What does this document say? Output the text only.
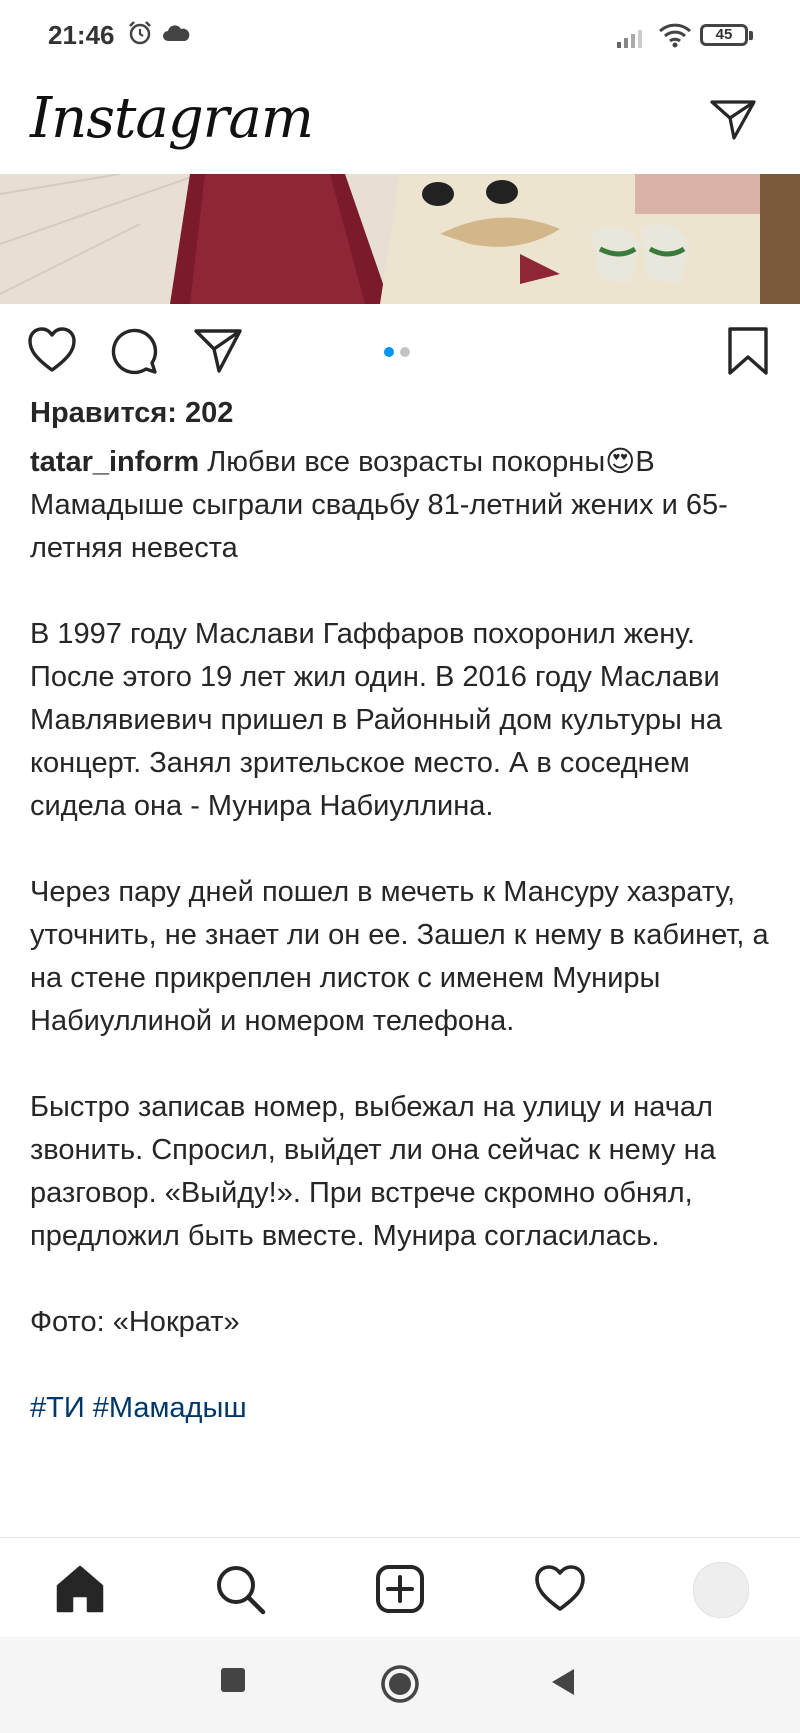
21:46	45
Instagram
Нравится: 202

tatar_inform Любви все возрасты покорны😍В Мамадыше сыграли свадьбу 81-летний жених и 65-летняя невеста

В 1997 году Маслави Гаффаров похоронил жену. После этого 19 лет жил один. В 2016 году Маслави Мавлявиевич пришел в Районный дом культуры на концерт. Занял зрительское место. А в соседнем сидела она - Мунира Набиуллина.

Через пару дней пошел в мечеть к Мансуру хазрату, уточнить, не знает ли он ее. Зашел к нему в кабинет, а на стене прикреплен листок с именем Муниры Набиуллиной и номером телефона.

Быстро записав номер, выбежал на улицу и начал звонить. Спросил, выйдет ли она сейчас к нему на разговор. «Выйду!». При встрече скромно обнял, предложил быть вместе. Мунира согласилась.

Фото: «Нократ»

#ТИ #Мамадыш
